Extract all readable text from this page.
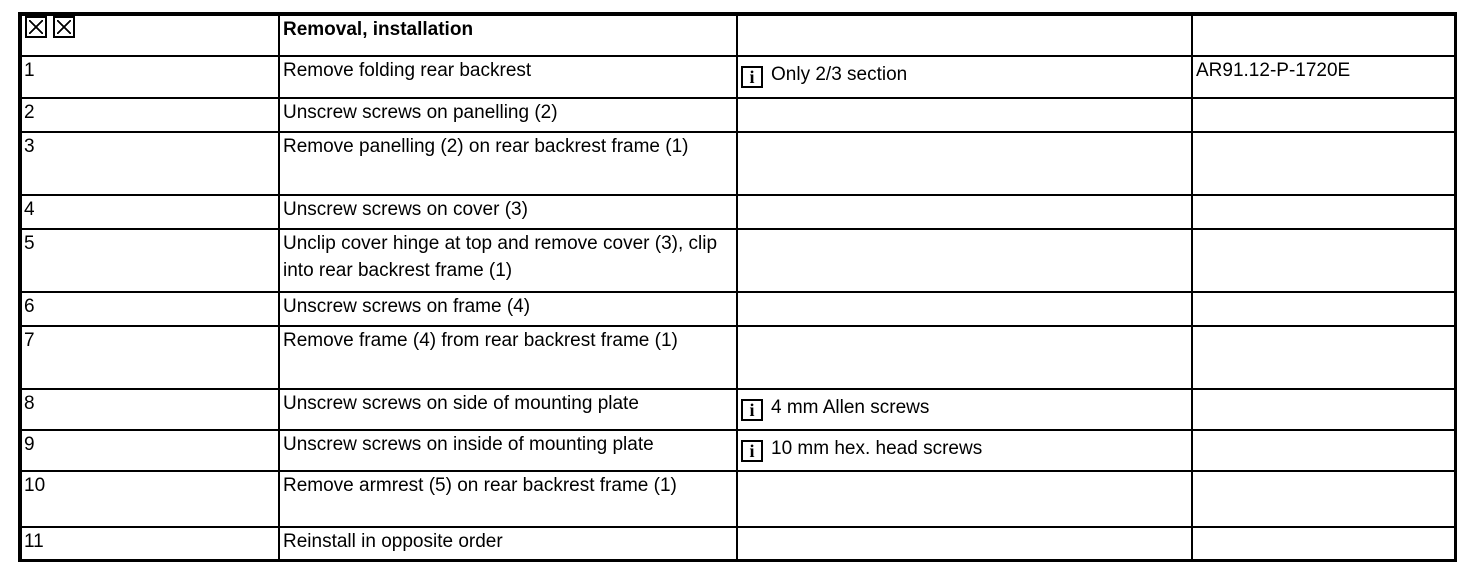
	Removal, installation		
1	Remove folding rear backrest	i Only 2/3 section	AR91.12-P-1720E
2	Unscrew screws on panelling (2)		
3	Remove panelling (2) on rear backrest frame (1)		
4	Unscrew screws on cover (3)		
5	Unclip cover hinge at top and remove cover (3), clip into rear backrest frame (1)		
6	Unscrew screws on frame (4)		
7	Remove frame (4) from rear backrest frame (1)		
8	Unscrew screws on side of mounting plate	i 4 mm Allen screws	
9	Unscrew screws on inside of mounting plate	i 10 mm hex. head screws	
10	Remove armrest (5) on rear backrest frame (1)		
11	Reinstall in opposite order		
